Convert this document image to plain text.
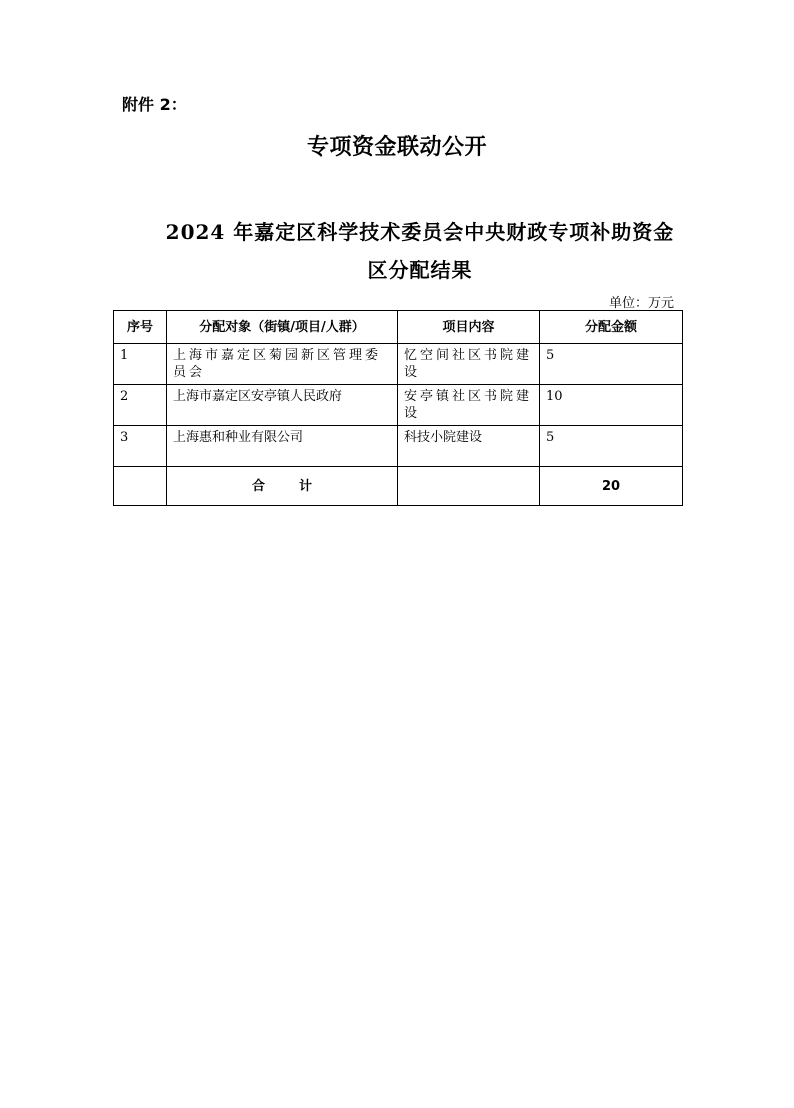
附件 2：
专项资金联动公开
2024 年嘉定区科学技术委员会中央财政专项补助资金
区分配结果
单位：万元
序号	分配对象（街镇/项目/人群）	项目内容	分配金额
1	上海市嘉定区菊园新区管理委员会	忆空间社区书院建设	5
2	上海市嘉定区安亭镇人民政府	安亭镇社区书院建设	10
3	上海惠和种业有限公司	科技小院建设	5
	合计		20
